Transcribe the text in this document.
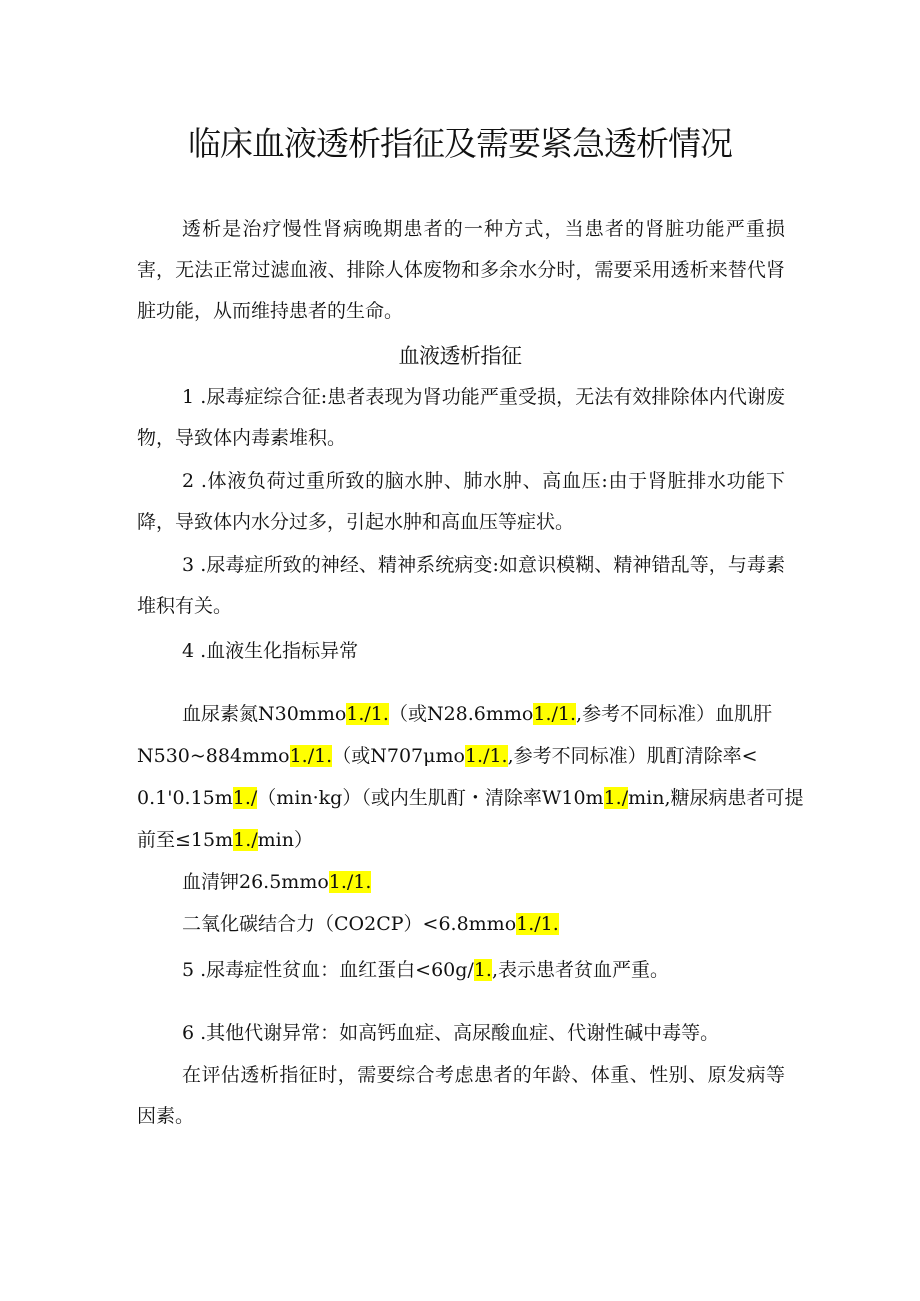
临床血液透析指征及需要紧急透析情况

透析是治疗慢性肾病晚期患者的一种方式，当患者的肾脏功能严重损害，无法正常过滤血液、排除人体废物和多余水分时，需要采用透析来替代肾脏功能，从而维持患者的生命。

血液透析指征

1 .尿毒症综合征:患者表现为肾功能严重受损，无法有效排除体内代谢废物，导致体内毒素堆积。

2 .体液负荷过重所致的脑水肿、肺水肿、高血压:由于肾脏排水功能下降，导致体内水分过多，引起水肿和高血压等症状。

3 .尿毒症所致的神经、精神系统病变:如意识模糊、精神错乱等，与毒素堆积有关。

4 .血液生化指标异常

血尿素氮N30mmo1./1.（或N28.6mmo1./1.,参考不同标准）血肌肝

N530~884mmo1./1.（或N707μmo1./1.,参考不同标准）肌酊清除率<

0.1'0.15m1./（min·kg）（或内生肌酊・清除率W10m1./min,糖尿病患者可提

前至≤15m1./min）

血清钾26.5mmo1./1.

二氧化碳结合力（CO2CP）<6.8mmo1./1.

5 .尿毒症性贫血：血红蛋白<60g/1.,表示患者贫血严重。

6 .其他代谢异常：如高钙血症、高尿酸血症、代谢性碱中毒等。

在评估透析指征时，需要综合考虑患者的年龄、体重、性别、原发病等因素。
